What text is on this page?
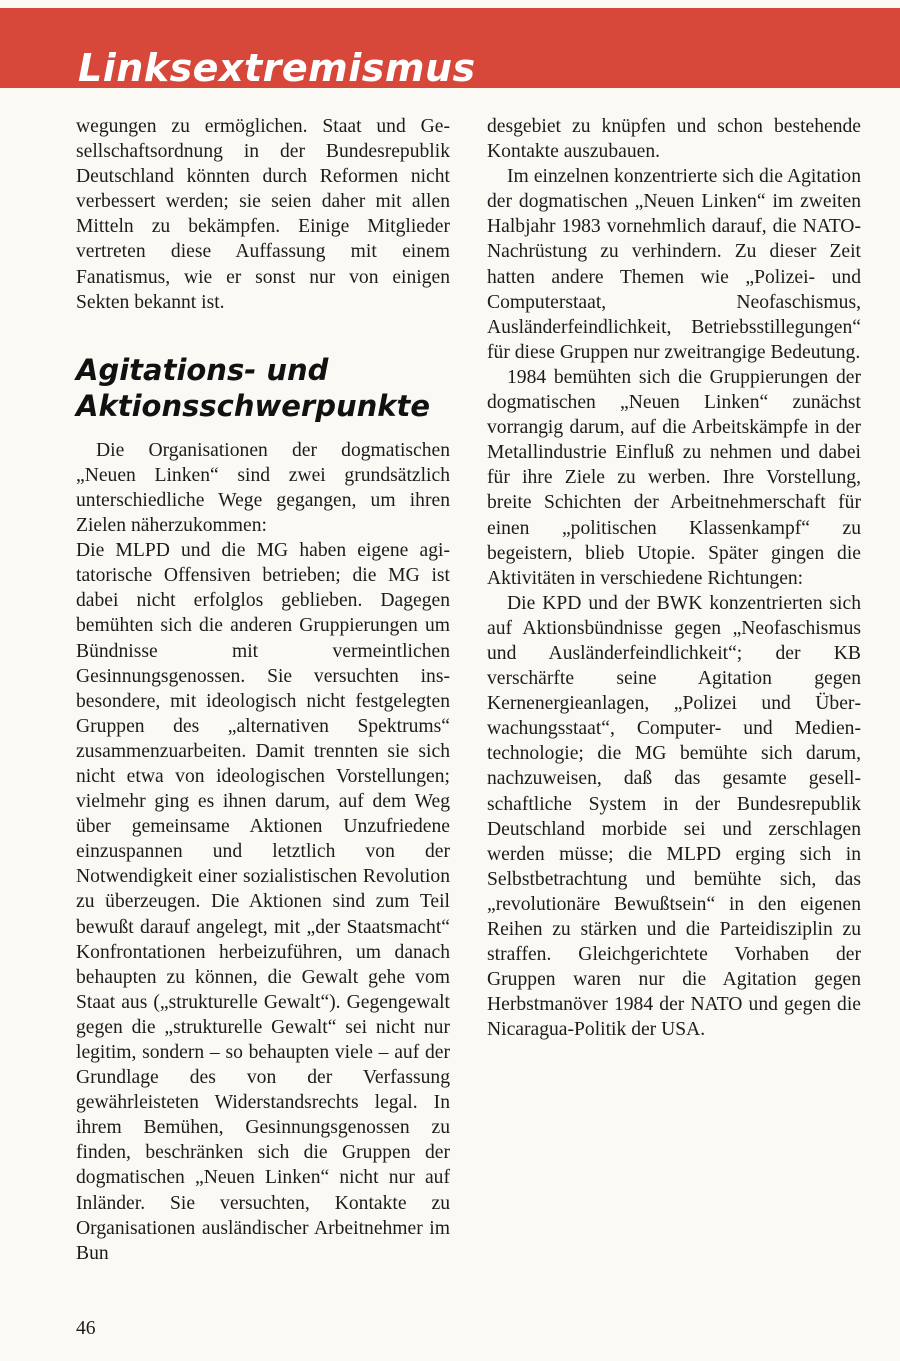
Linksextremismus

wegungen zu ermöglichen. Staat und Gesellschaftsordnung in der Bundesrepublik Deutschland könnten durch Reformen nicht verbessert werden; sie seien daher mit allen Mitteln zu bekämpfen. Einige Mitglieder vertreten diese Auffassung mit einem Fanatismus, wie er sonst nur von einigen Sekten bekannt ist.

Agitations- und
Aktionsschwerpunkte

Die Organisationen der dogmatischen „Neuen Linken“ sind zwei grundsätzlich unterschiedliche Wege gegangen, um ihren Zielen näherzukommen:

Die MLPD und die MG haben eigene agitatorische Offensiven betrieben; die MG ist dabei nicht erfolglos geblieben. Dagegen bemühten sich die anderen Gruppierungen um Bündnisse mit vermeintlichen Gesinnungsgenossen. Sie versuchten insbesondere, mit ideologisch nicht festgelegten Gruppen des „alternativen Spektrums“ zusammenzuarbeiten. Damit trennten sie sich nicht etwa von ideologischen Vorstellungen; vielmehr ging es ihnen darum, auf dem Weg über gemeinsame Aktionen Unzufriedene einzuspannen und letztlich von der Notwendigkeit einer sozialistischen Revolution zu überzeugen. Die Aktionen sind zum Teil bewußt darauf angelegt, mit „der Staatsmacht“ Konfrontationen herbeizuführen, um danach behaupten zu können, die Gewalt gehe vom Staat aus („strukturelle Gewalt“). Gegengewalt gegen die „strukturelle Gewalt“ sei nicht nur legitim, sondern – so behaupten viele – auf der Grundlage des von der Verfassung gewährleisteten Widerstandsrechts legal. In ihrem Bemühen, Gesinnungsgenossen zu finden, beschränken sich die Gruppen der dogmatischen „Neuen Linken“ nicht nur auf Inländer. Sie versuchten, Kontakte zu Organisationen ausländischer Arbeitnehmer im Bun

desgebiet zu knüpfen und schon bestehende Kontakte auszubauen.

Im einzelnen konzentrierte sich die Agitation der dogmatischen „Neuen Linken“ im zweiten Halbjahr 1983 vornehmlich darauf, die NATO-Nachrüstung zu verhindern. Zu dieser Zeit hatten andere Themen wie „Polizei- und Computerstaat, Neofaschismus, Ausländerfeindlichkeit, Betriebsstillegungen“ für diese Gruppen nur zweitrangige Bedeutung.

1984 bemühten sich die Gruppierungen der dogmatischen „Neuen Linken“ zunächst vorrangig darum, auf die Arbeitskämpfe in der Metallindustrie Einfluß zu nehmen und dabei für ihre Ziele zu werben. Ihre Vorstellung, breite Schichten der Arbeitnehmerschaft für einen „politischen Klassenkampf“ zu begeistern, blieb Utopie. Später gingen die Aktivitäten in verschiedene Richtungen:

Die KPD und der BWK konzentrierten sich auf Aktionsbündnisse gegen „Neofaschismus und Ausländerfeindlichkeit“; der KB verschärfte seine Agitation gegen Kernenergieanlagen, „Polizei und Überwachungsstaat“, Computer- und Medientechnologie; die MG bemühte sich darum, nachzuweisen, daß das gesamte gesellschaftliche System in der Bundesrepublik Deutschland morbide sei und zerschlagen werden müsse; die MLPD erging sich in Selbstbetrachtung und bemühte sich, das „revolutionäre Bewußtsein“ in den eigenen Reihen zu stärken und die Parteidisziplin zu straffen. Gleichgerichtete Vorhaben der Gruppen waren nur die Agitation gegen Herbstmanöver 1984 der NATO und gegen die Nicaragua-Politik der USA.

46
